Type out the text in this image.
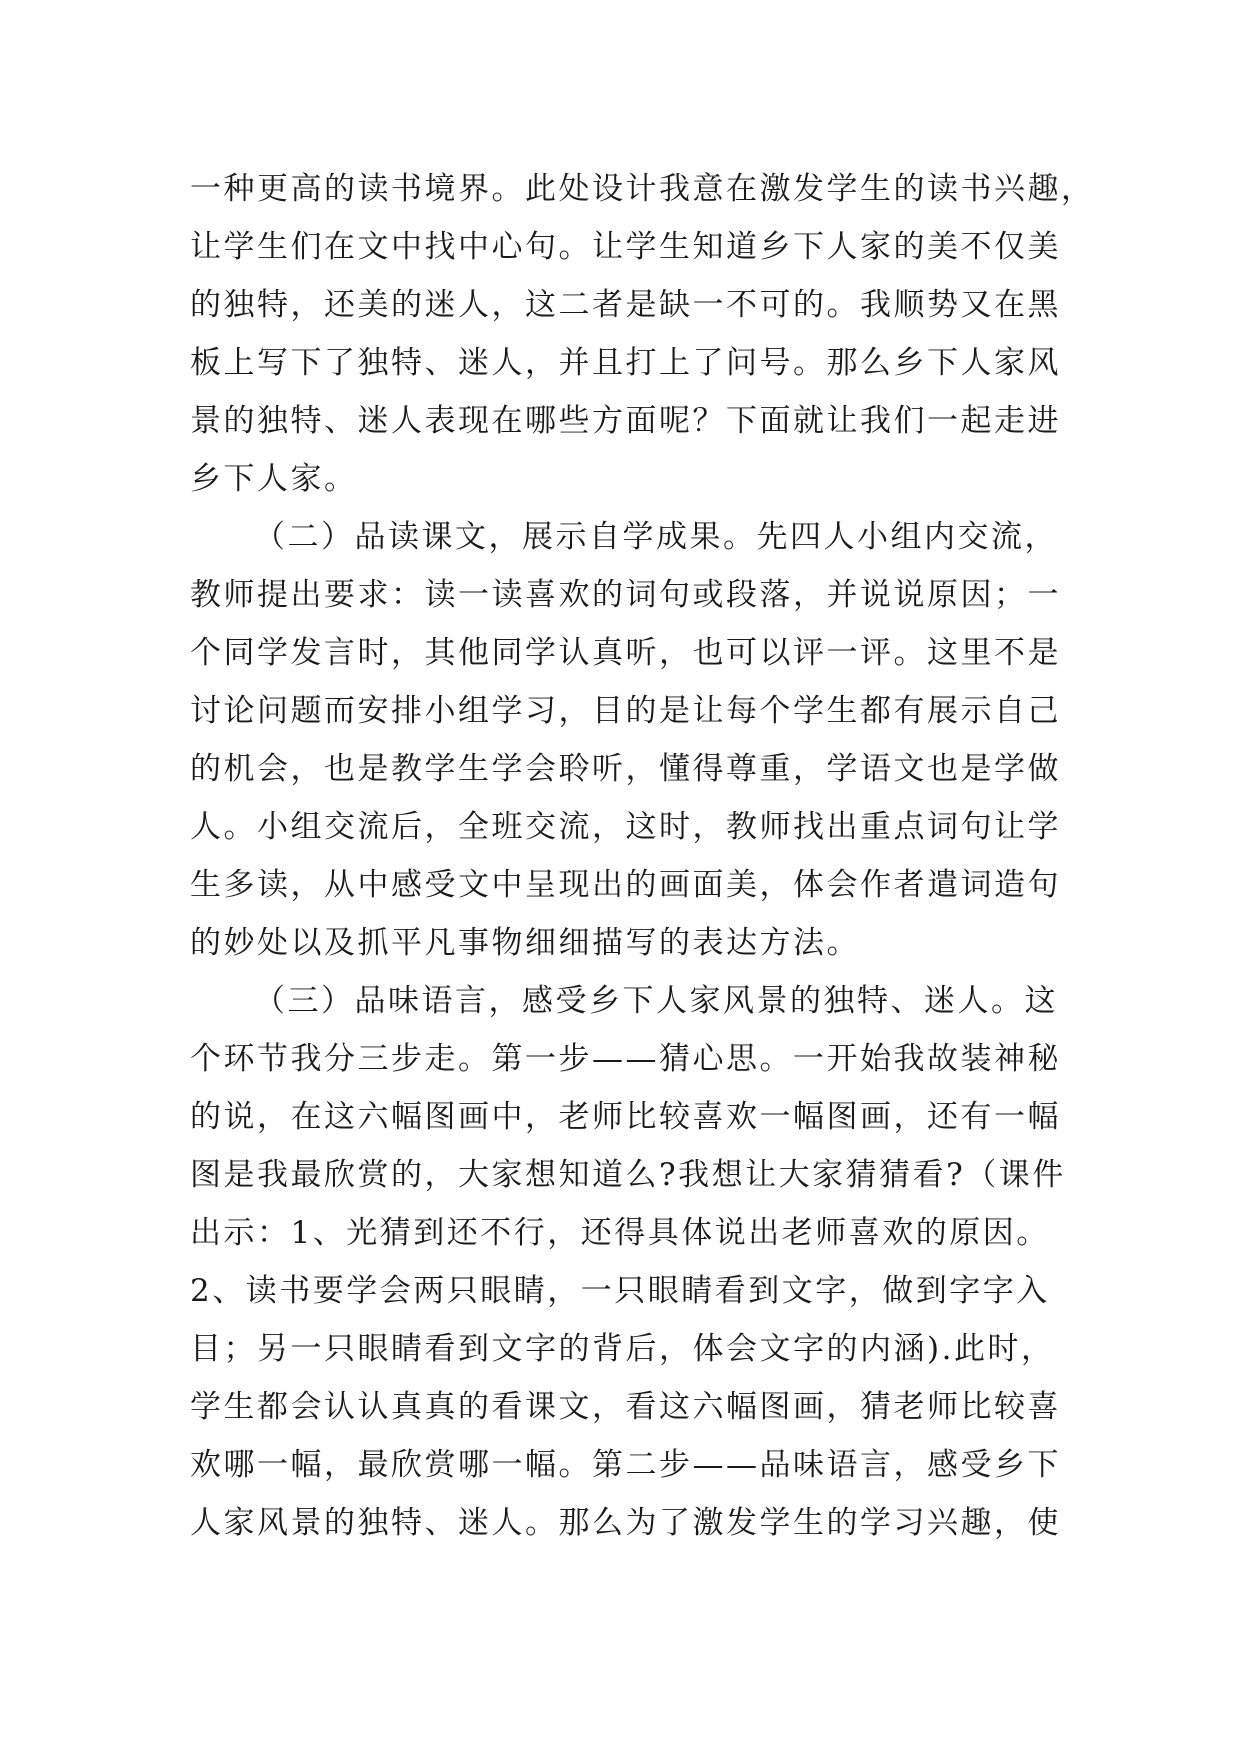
一种更高的读书境界。此处设计我意在激发学生的读书兴趣，
让学生们在文中找中心句。让学生知道乡下人家的美不仅美
的独特，还美的迷人，这二者是缺一不可的。我顺势又在黑
板上写下了独特、迷人，并且打上了问号。那么乡下人家风
景的独特、迷人表现在哪些方面呢？下面就让我们一起走进
乡下人家。
（二）品读课文，展示自学成果。先四人小组内交流，
教师提出要求：读一读喜欢的词句或段落，并说说原因；一
个同学发言时，其他同学认真听，也可以评一评。这里不是
讨论问题而安排小组学习，目的是让每个学生都有展示自己
的机会，也是教学生学会聆听，懂得尊重，学语文也是学做
人。小组交流后，全班交流，这时，教师找出重点词句让学
生多读，从中感受文中呈现出的画面美，体会作者遣词造句
的妙处以及抓平凡事物细细描写的表达方法。
（三）品味语言，感受乡下人家风景的独特、迷人。这
个环节我分三步走。第一步——猜心思。一开始我故装神秘
的说，在这六幅图画中，老师比较喜欢一幅图画，还有一幅
图是我最欣赏的，大家想知道么?我想让大家猜猜看?（课件
出示：1、光猜到还不行，还得具体说出老师喜欢的原因。
2、读书要学会两只眼睛，一只眼睛看到文字，做到字字入
目；另一只眼睛看到文字的背后，体会文字的内涵).此时，
学生都会认认真真的看课文，看这六幅图画，猜老师比较喜
欢哪一幅，最欣赏哪一幅。第二步——品味语言，感受乡下
人家风景的独特、迷人。那么为了激发学生的学习兴趣，使
